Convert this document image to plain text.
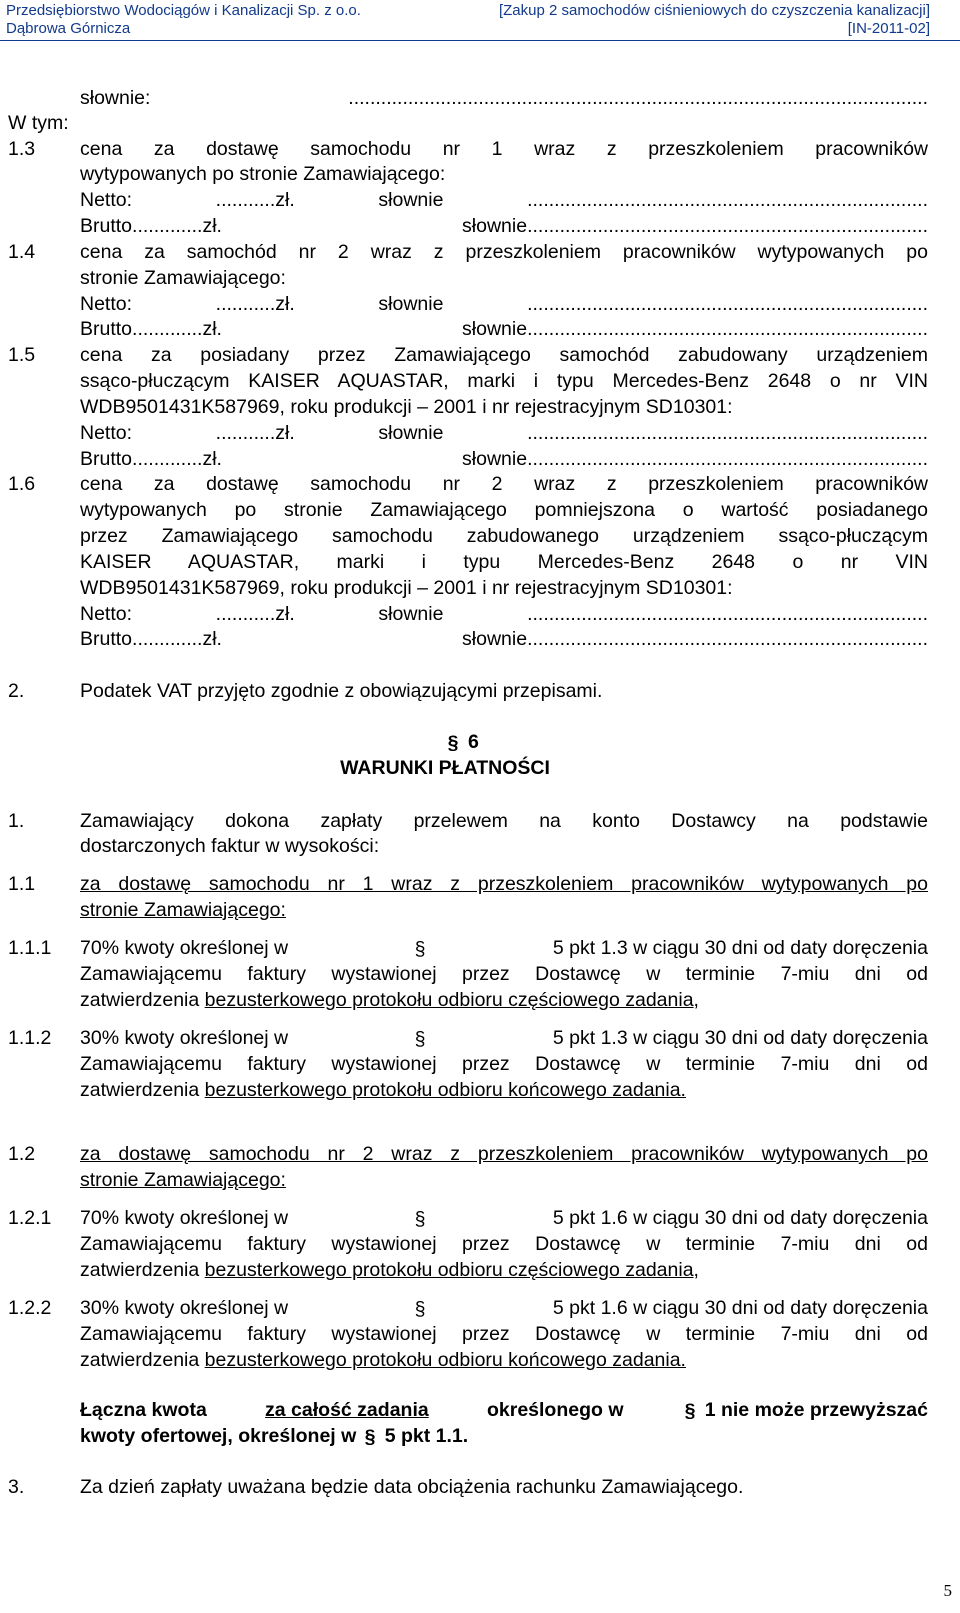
Przedsiębiorstwo Wodociągów i Kanalizacji Sp. z o.o.
Dąbrowa Górnicza
[Zakup 2 samochodów ciśnieniowych do czyszczenia kanalizacji]
[IN-2011-02]
słownie: ...........................................................................................................
W tym:
1.3 cena za dostawę samochodu nr 1 wraz z przeszkoleniem pracowników
wytypowanych po stronie Zamawiającego:
Netto: ...........zł. słownie ..........................................................................
Brutto.............zł. słownie..........................................................................
1.4 cena za samochód nr 2 wraz z przeszkoleniem pracowników wytypowanych po
stronie Zamawiającego:
Netto: ...........zł. słownie ..........................................................................
Brutto.............zł. słownie..........................................................................
1.5 cena za posiadany przez Zamawiającego samochód zabudowany urządzeniem
ssąco-płuczącym KAISER AQUASTAR, marki i typu Mercedes-Benz 2648 o nr VIN
WDB9501431K587969, roku produkcji – 2001 i nr rejestracyjnym SD10301:
Netto: ...........zł. słownie ..........................................................................
Brutto.............zł. słownie..........................................................................
1.6 cena za dostawę samochodu nr 2 wraz z przeszkoleniem pracowników
wytypowanych po stronie Zamawiającego pomniejszona o wartość posiadanego
przez Zamawiającego samochodu zabudowanego urządzeniem ssąco-płuczącym
KAISER AQUASTAR, marki i typu Mercedes-Benz 2648 o nr VIN
WDB9501431K587969, roku produkcji – 2001 i nr rejestracyjnym SD10301:
Netto: ...........zł. słownie ..........................................................................
Brutto.............zł. słownie..........................................................................
2.	Podatek VAT przyjęto zgodnie z obowiązującymi przepisami.
§ 6
WARUNKI PŁATNOŚCI
1.	Zamawiający dokona zapłaty przelewem na konto Dostawcy na podstawie
dostarczonych faktur w wysokości:
1.1 za dostawę samochodu nr 1 wraz z przeszkoleniem pracowników wytypowanych po
stronie Zamawiającego:
1.1.1 70% kwoty określonej w	§	5 pkt 1.3 w ciągu 30 dni od daty doręczenia
Zamawiającemu faktury wystawionej przez Dostawcę w terminie 7-miu dni od
zatwierdzenia bezusterkowego protokołu odbioru częściowego zadania,
1.1.2 30% kwoty określonej w	§	5 pkt 1.3 w ciągu 30 dni od daty doręczenia
Zamawiającemu faktury wystawionej przez Dostawcę w terminie 7-miu dni od
zatwierdzenia bezusterkowego protokołu odbioru końcowego zadania.
1.2 za dostawę samochodu nr 2 wraz z przeszkoleniem pracowników wytypowanych po
stronie Zamawiającego:
1.2.1 70% kwoty określonej w	§	5 pkt 1.6 w ciągu 30 dni od daty doręczenia
Zamawiającemu faktury wystawionej przez Dostawcę w terminie 7-miu dni od
zatwierdzenia bezusterkowego protokołu odbioru częściowego zadania,
1.2.2 30% kwoty określonej w	§	5 pkt 1.6 w ciągu 30 dni od daty doręczenia
Zamawiającemu faktury wystawionej przez Dostawcę w terminie 7-miu dni od
zatwierdzenia bezusterkowego protokołu odbioru końcowego zadania.
Łączna kwota	za całość zadania	określonego w	§ 1 nie może przewyższać
kwoty ofertowej, określonej w § 5 pkt 1.1.
3.	Za dzień zapłaty uważana będzie data obciążenia rachunku Zamawiającego.
5
